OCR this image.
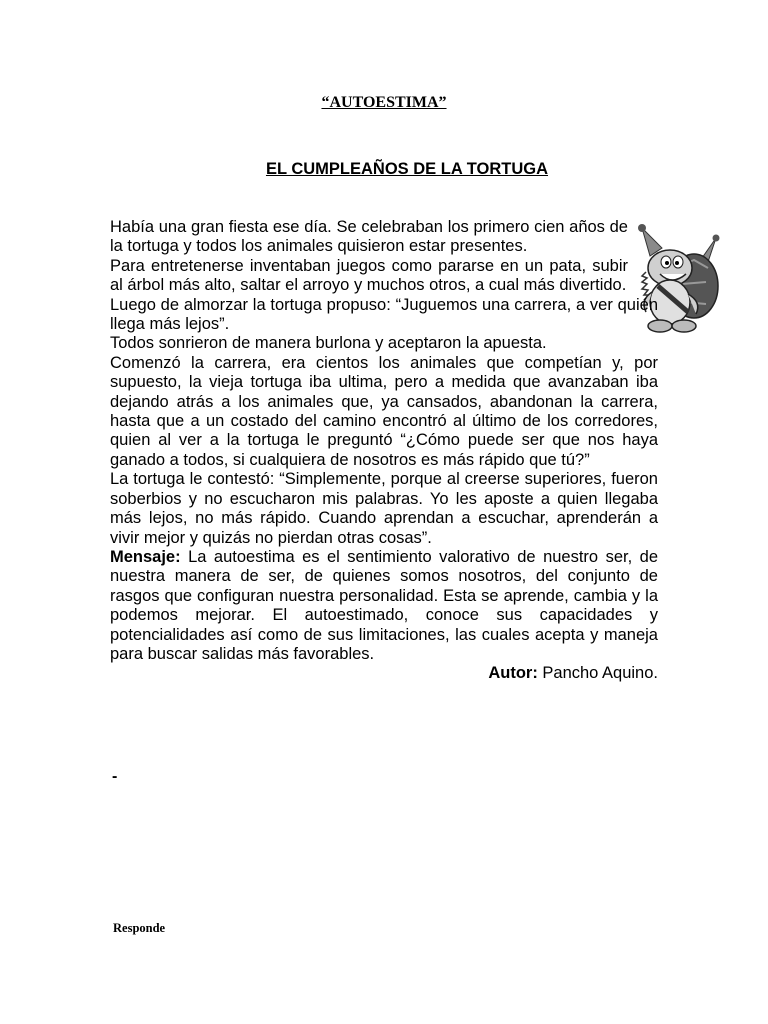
“AUTOESTIMA”
EL CUMPLEAÑOS DE LA TORTUGA

Había una gran fiesta ese día. Se celebraban los primero cien años de la tortuga y todos los animales quisieron estar presentes.

Para entretenerse inventaban juegos como pararse en un pata, subir al árbol más alto, saltar el arroyo y muchos otros, a cual más divertido.

Luego de almorzar la tortuga propuso: “Juguemos una carrera, a ver quién llega más lejos”.

Todos sonrieron de manera burlona y aceptaron la apuesta.

Comenzó la carrera, era cientos los animales que competían y, por supuesto, la vieja tortuga iba ultima, pero a medida que avanzaban iba dejando atrás a los animales que, ya cansados, abandonan la carrera, hasta que a un costado del camino encontró al último de los corredores, quien al ver a la tortuga le preguntó “¿Cómo puede ser que nos haya ganado a todos, si cualquiera de nosotros es más rápido que tú?”

La tortuga le contestó: “Simplemente, porque al creerse superiores, fueron soberbios y no escucharon mis palabras. Yo les aposte a quien llegaba más lejos, no más rápido. Cuando aprendan a escuchar, aprenderán a vivir mejor y quizás no pierdan otras cosas”.

Mensaje: La autoestima es el sentimiento valorativo de nuestro ser, de nuestra manera de ser, de quienes somos nosotros, del conjunto de rasgos que configuran nuestra personalidad. Esta se aprende, cambia y la podemos mejorar. El autoestimado, conoce sus capacidades y potencialidades así como de sus limitaciones, las cuales acepta y maneja para buscar salidas más favorables.

Autor: Pancho Aquino.

-
Responde
